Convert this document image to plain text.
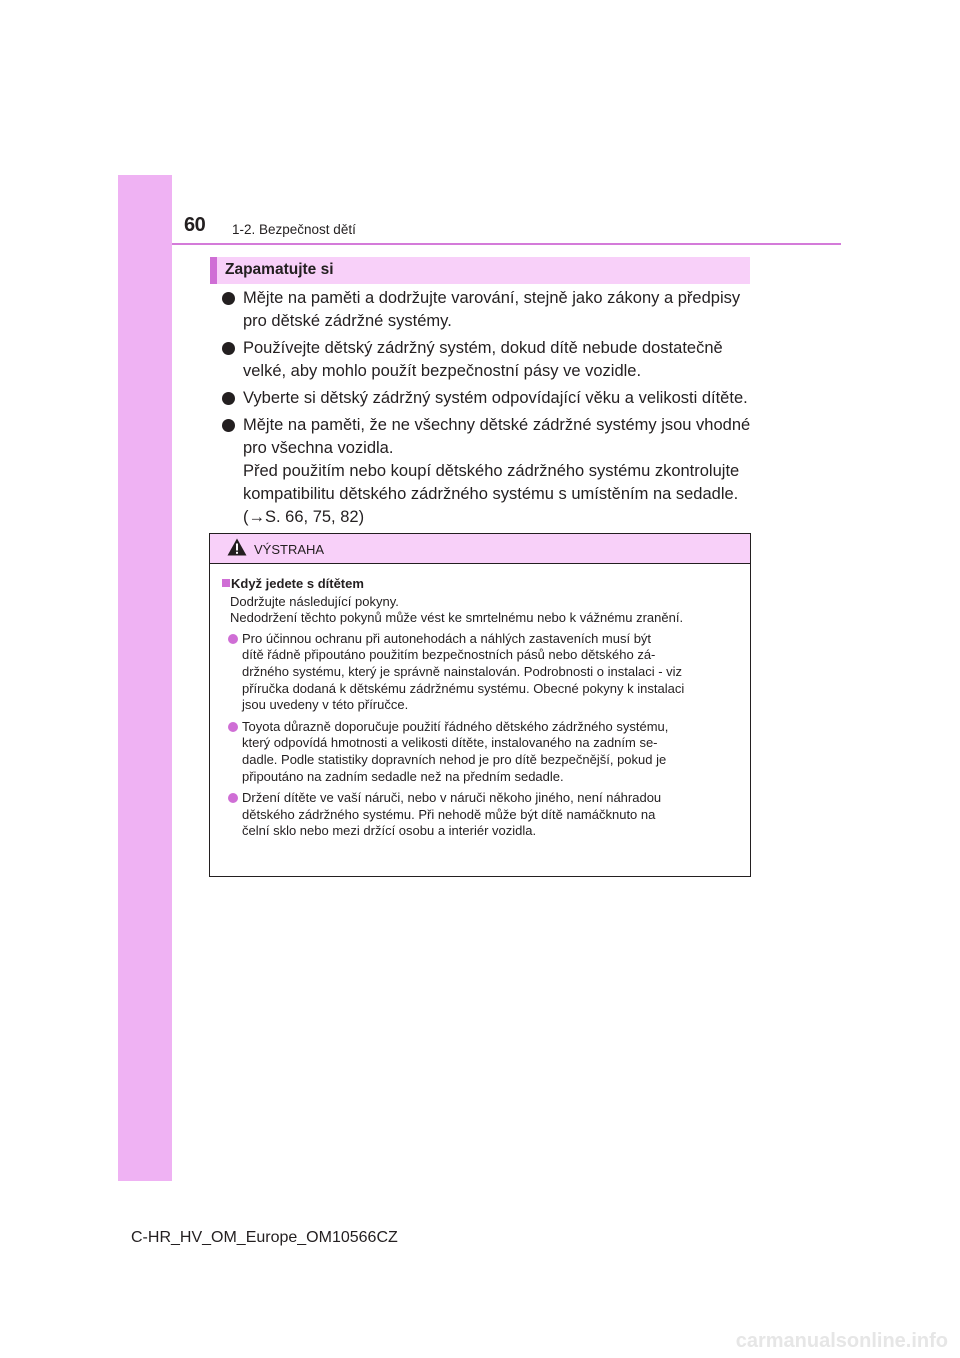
60 1-2. Bezpečnost dětí
Zapamatujte si
Mějte na paměti a dodržujte varování, stejně jako zákony a předpisy
pro dětské zádržné systémy.
Používejte dětský zádržný systém, dokud dítě nebude dostatečně
velké, aby mohlo použít bezpečnostní pásy ve vozidle.
Vyberte si dětský zádržný systém odpovídající věku a velikosti dítěte.
Mějte na paměti, že ne všechny dětské zádržné systémy jsou vhodné
pro všechna vozidla.
Před použitím nebo koupí dětského zádržného systému zkontrolujte
kompatibilitu dětského zádržného systému s umístěním na sedadle.
(→S. 66, 75, 82)
VÝSTRAHA
Když jedete s dítětem
Dodržujte následující pokyny.
Nedodržení těchto pokynů může vést ke smrtelnému nebo k vážnému zranění.
Pro účinnou ochranu při autonehodách a náhlých zastaveních musí být
dítě řádně připoutáno použitím bezpečnostních pásů nebo dětského zá-
držného systému, který je správně nainstalován. Podrobnosti o instalaci - viz
příručka dodaná k dětskému zádržnému systému. Obecné pokyny k instalaci
jsou uvedeny v této příručce.
Toyota důrazně doporučuje použití řádného dětského zádržného systému,
který odpovídá hmotnosti a velikosti dítěte, instalovaného na zadním se-
dadle. Podle statistiky dopravních nehod je pro dítě bezpečnější, pokud je
připoutáno na zadním sedadle než na předním sedadle.
Držení dítěte ve vaší náruči, nebo v náruči někoho jiného, není náhradou
dětského zádržného systému. Při nehodě může být dítě namáčknuto na
čelní sklo nebo mezi držící osobu a interiér vozidla.
C-HR_HV_OM_Europe_OM10566CZ
carmanualsonline.info
